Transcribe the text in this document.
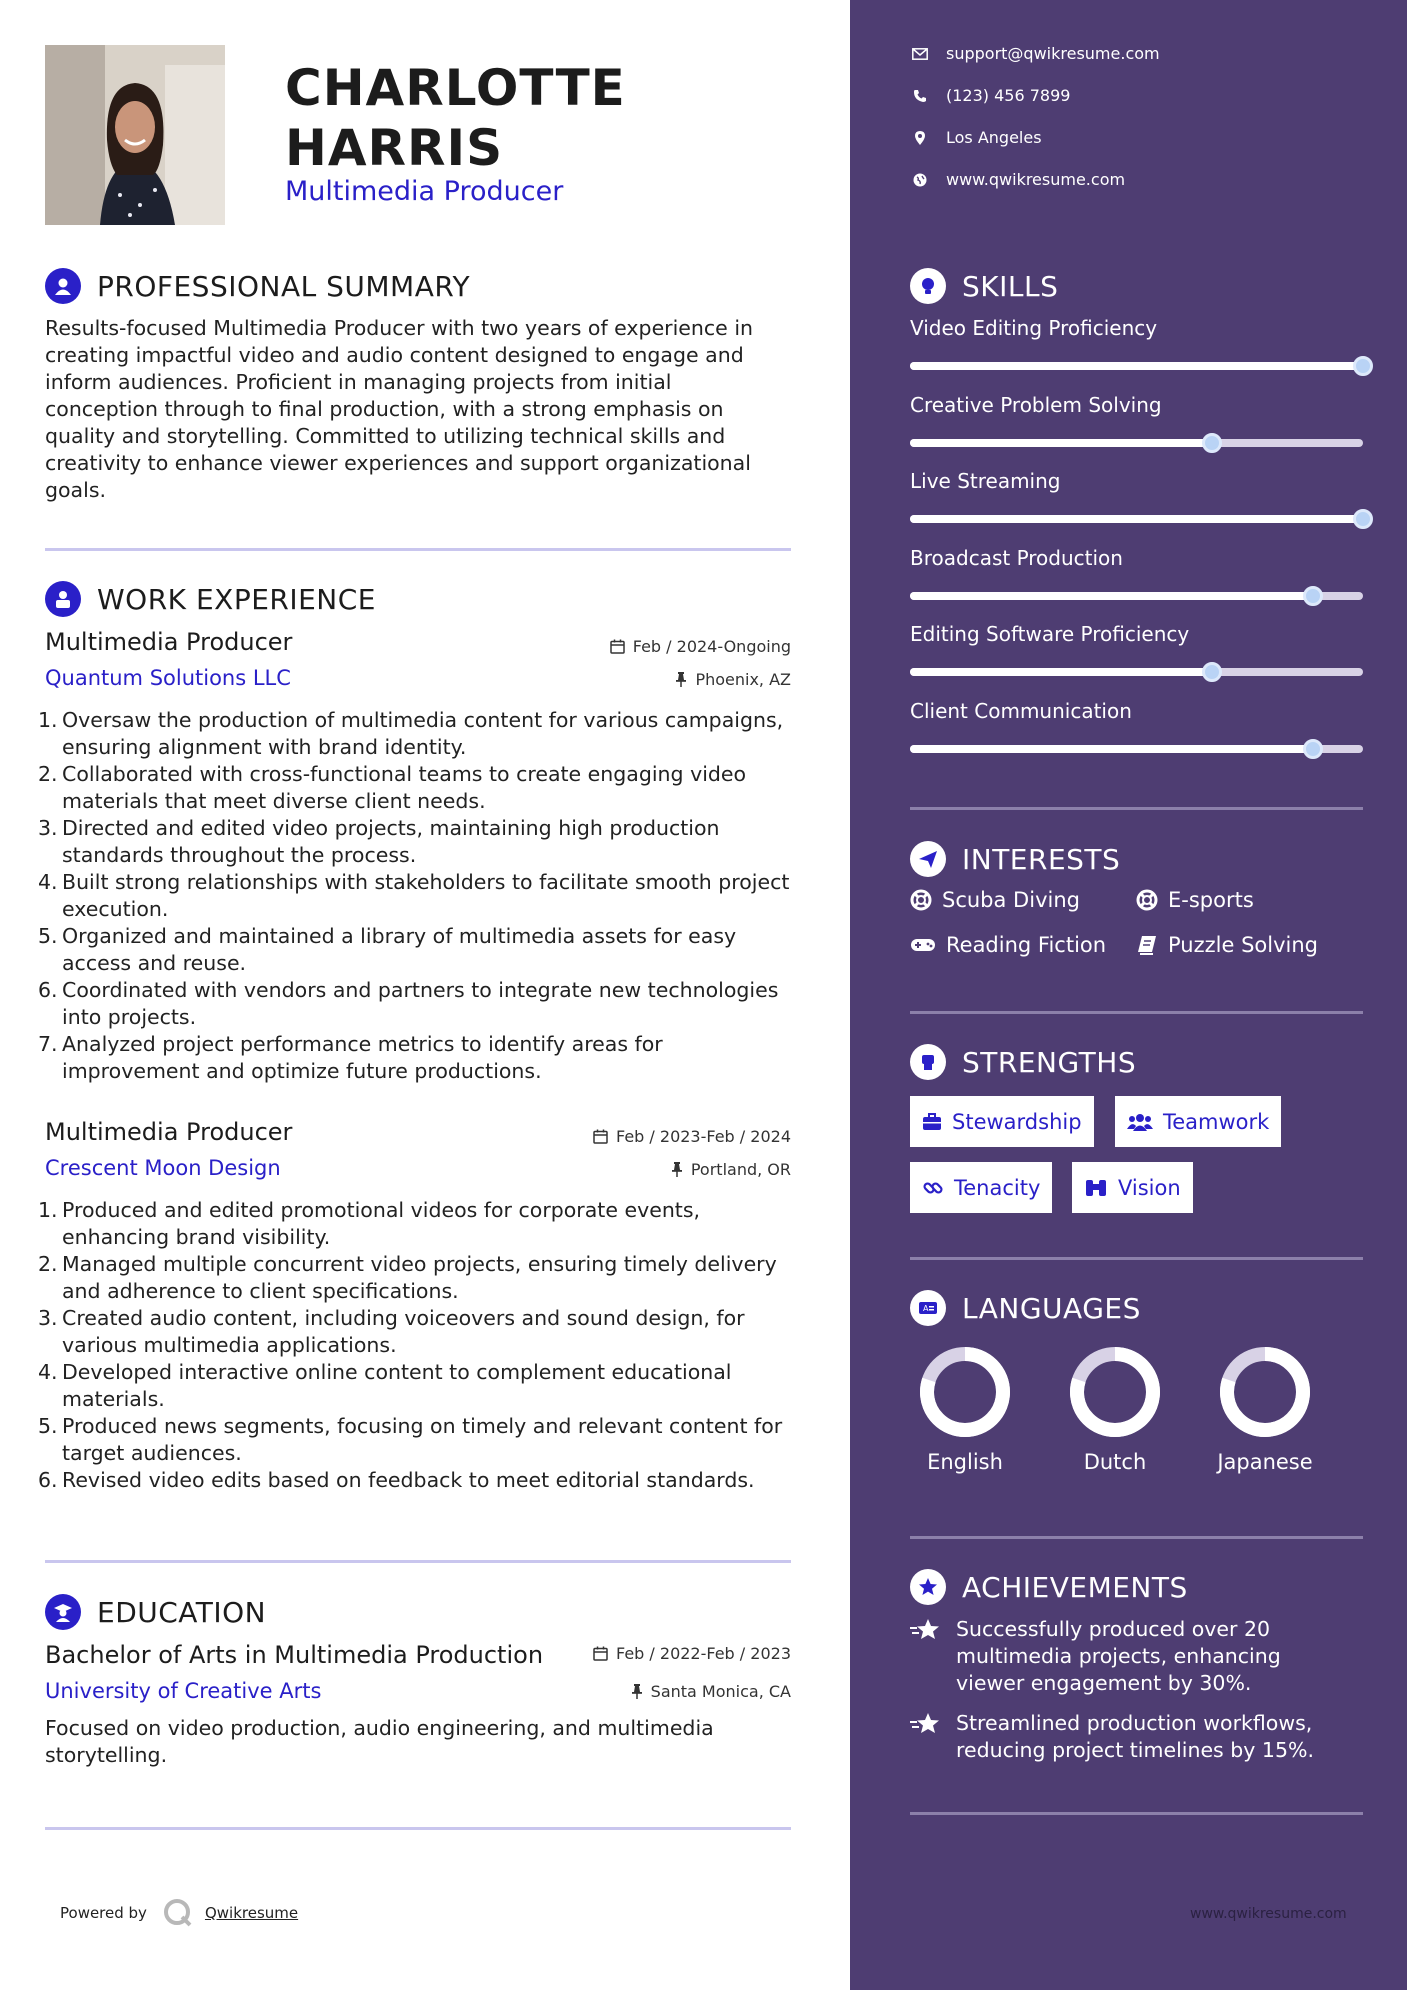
CHARLOTTE
HARRIS
Multimedia Producer
PROFESSIONAL SUMMARY
Results-focused Multimedia Producer with two years of experience in creating impactful video and audio content designed to engage and inform audiences. Proficient in managing projects from initial conception through to final production, with a strong emphasis on quality and storytelling. Committed to utilizing technical skills and creativity to enhance viewer experiences and support organizational goals.
WORK EXPERIENCE
Multimedia Producer	Feb / 2024-Ongoing
Quantum Solutions LLC	Phoenix, AZ
1. Oversaw the production of multimedia content for various campaigns, ensuring alignment with brand identity.
2. Collaborated with cross-functional teams to create engaging video materials that meet diverse client needs.
3. Directed and edited video projects, maintaining high production standards throughout the process.
4. Built strong relationships with stakeholders to facilitate smooth project execution.
5. Organized and maintained a library of multimedia assets for easy access and reuse.
6. Coordinated with vendors and partners to integrate new technologies into projects.
7. Analyzed project performance metrics to identify areas for improvement and optimize future productions.
Multimedia Producer	Feb / 2023-Feb / 2024
Crescent Moon Design	Portland, OR
1. Produced and edited promotional videos for corporate events, enhancing brand visibility.
2. Managed multiple concurrent video projects, ensuring timely delivery and adherence to client specifications.
3. Created audio content, including voiceovers and sound design, for various multimedia applications.
4. Developed interactive online content to complement educational materials.
5. Produced news segments, focusing on timely and relevant content for target audiences.
6. Revised video edits based on feedback to meet editorial standards.
EDUCATION
Bachelor of Arts in Multimedia Production	Feb / 2022-Feb / 2023
University of Creative Arts	Santa Monica, CA
Focused on video production, audio engineering, and multimedia storytelling.
Powered by	Qwikresume
support@qwikresume.com
(123) 456 7899
Los Angeles
www.qwikresume.com
SKILLS
Video Editing Proficiency
Creative Problem Solving
Live Streaming
Broadcast Production
Editing Software Proficiency
Client Communication
INTERESTS
Scuba Diving	E-sports
Reading Fiction	Puzzle Solving
STRENGTHS
Stewardship	Teamwork
Tenacity	Vision
A LANGUAGES
English	Dutch	Japanese
ACHIEVEMENTS
Successfully produced over 20 multimedia projects, enhancing viewer engagement by 30%.
Streamlined production workflows, reducing project timelines by 15%.
www.qwikresume.com
